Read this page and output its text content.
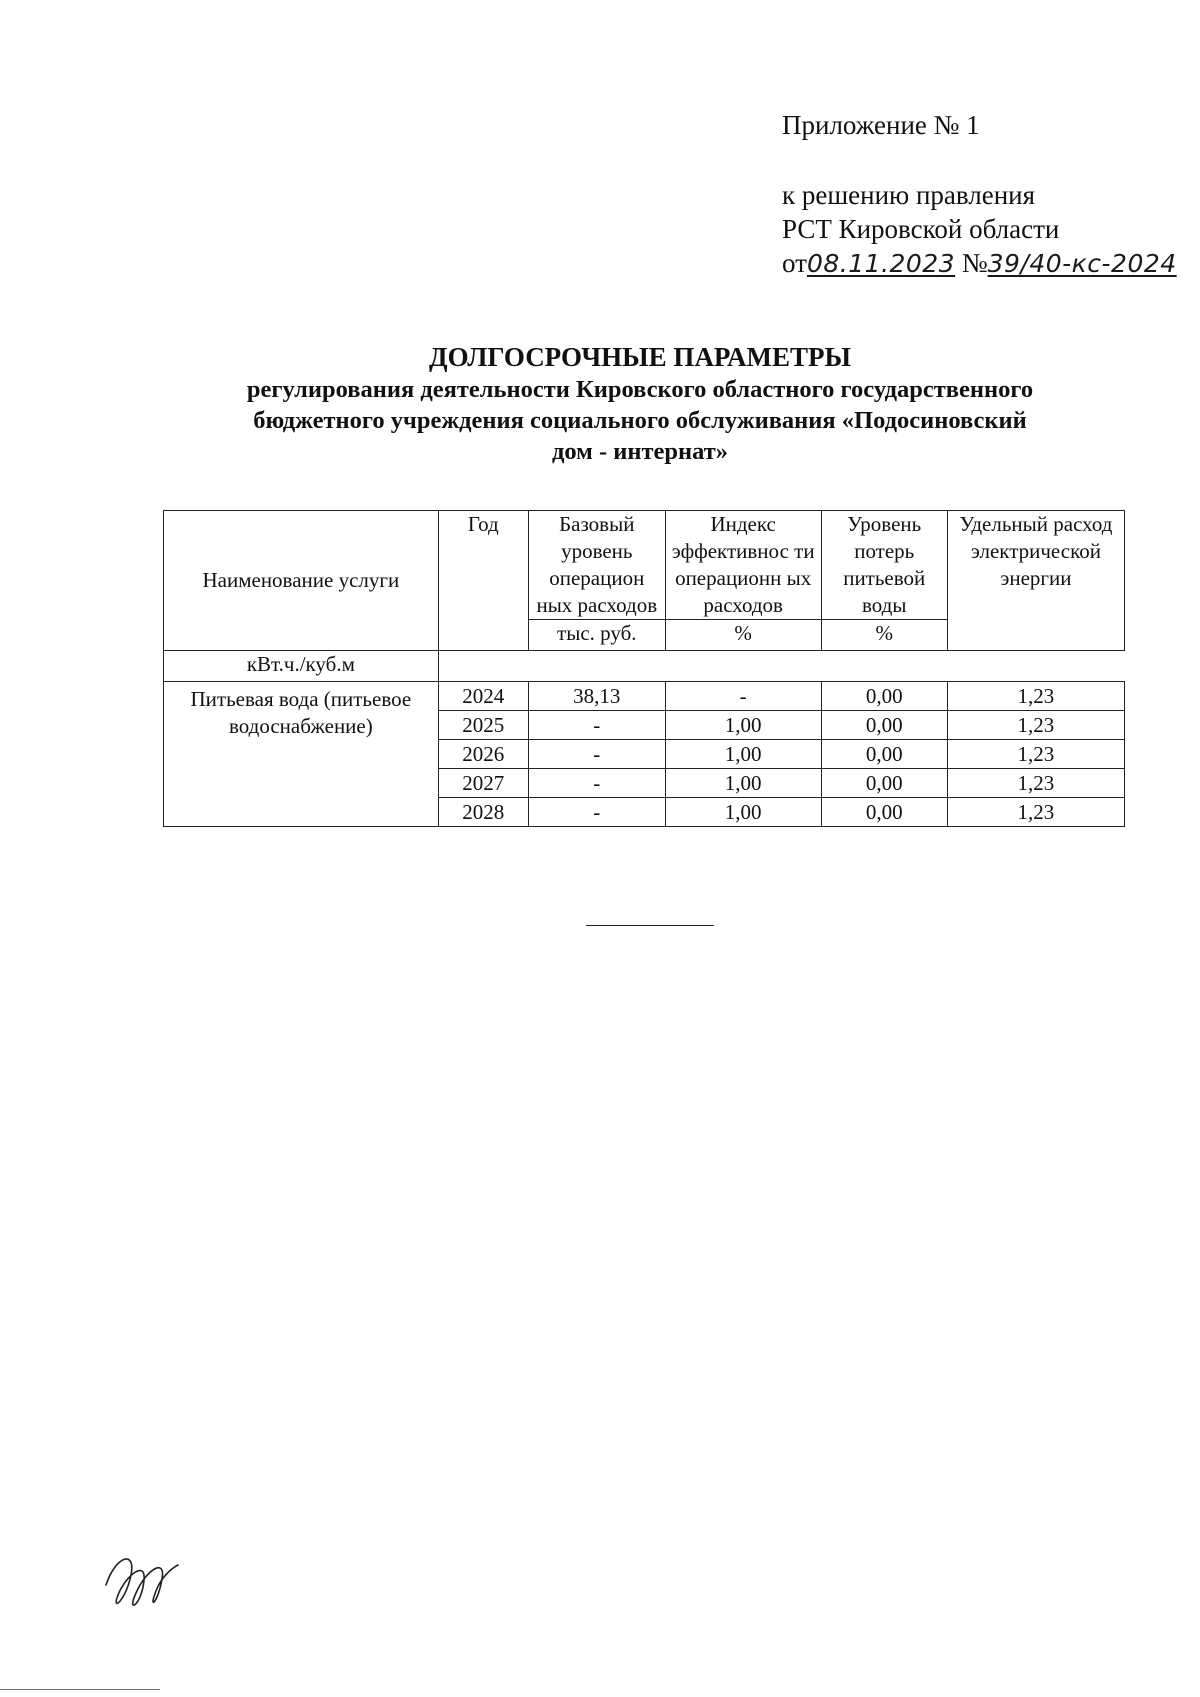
Приложение № 1
к решению правления
РСТ Кировской области
от08.11.2023 №39/40-кс-2024
ДОЛГОСРОЧНЫЕ ПАРАМЕТРЫ
регулирования деятельности Кировского областного государственного
бюджетного учреждения социального обслуживания «Подосиновский
дом - интернат»
Наименование услуги	Год	Базовый уровень операцион ных расходов	Индекс эффективнос ти операционн ых расходов	Уровень потерь питьевой воды	Удельный расход электрической энергии

		тыс. руб.	%	%	
кВт.ч./куб.м					
Питьевая вода (питьевое водоснабжение)	2024	38,13	-	0,00	1,23
	2025	-	1,00	0,00	1,23
	2026	-	1,00	0,00	1,23
	2027	-	1,00	0,00	1,23
	2028	-	1,00	0,00	1,23
